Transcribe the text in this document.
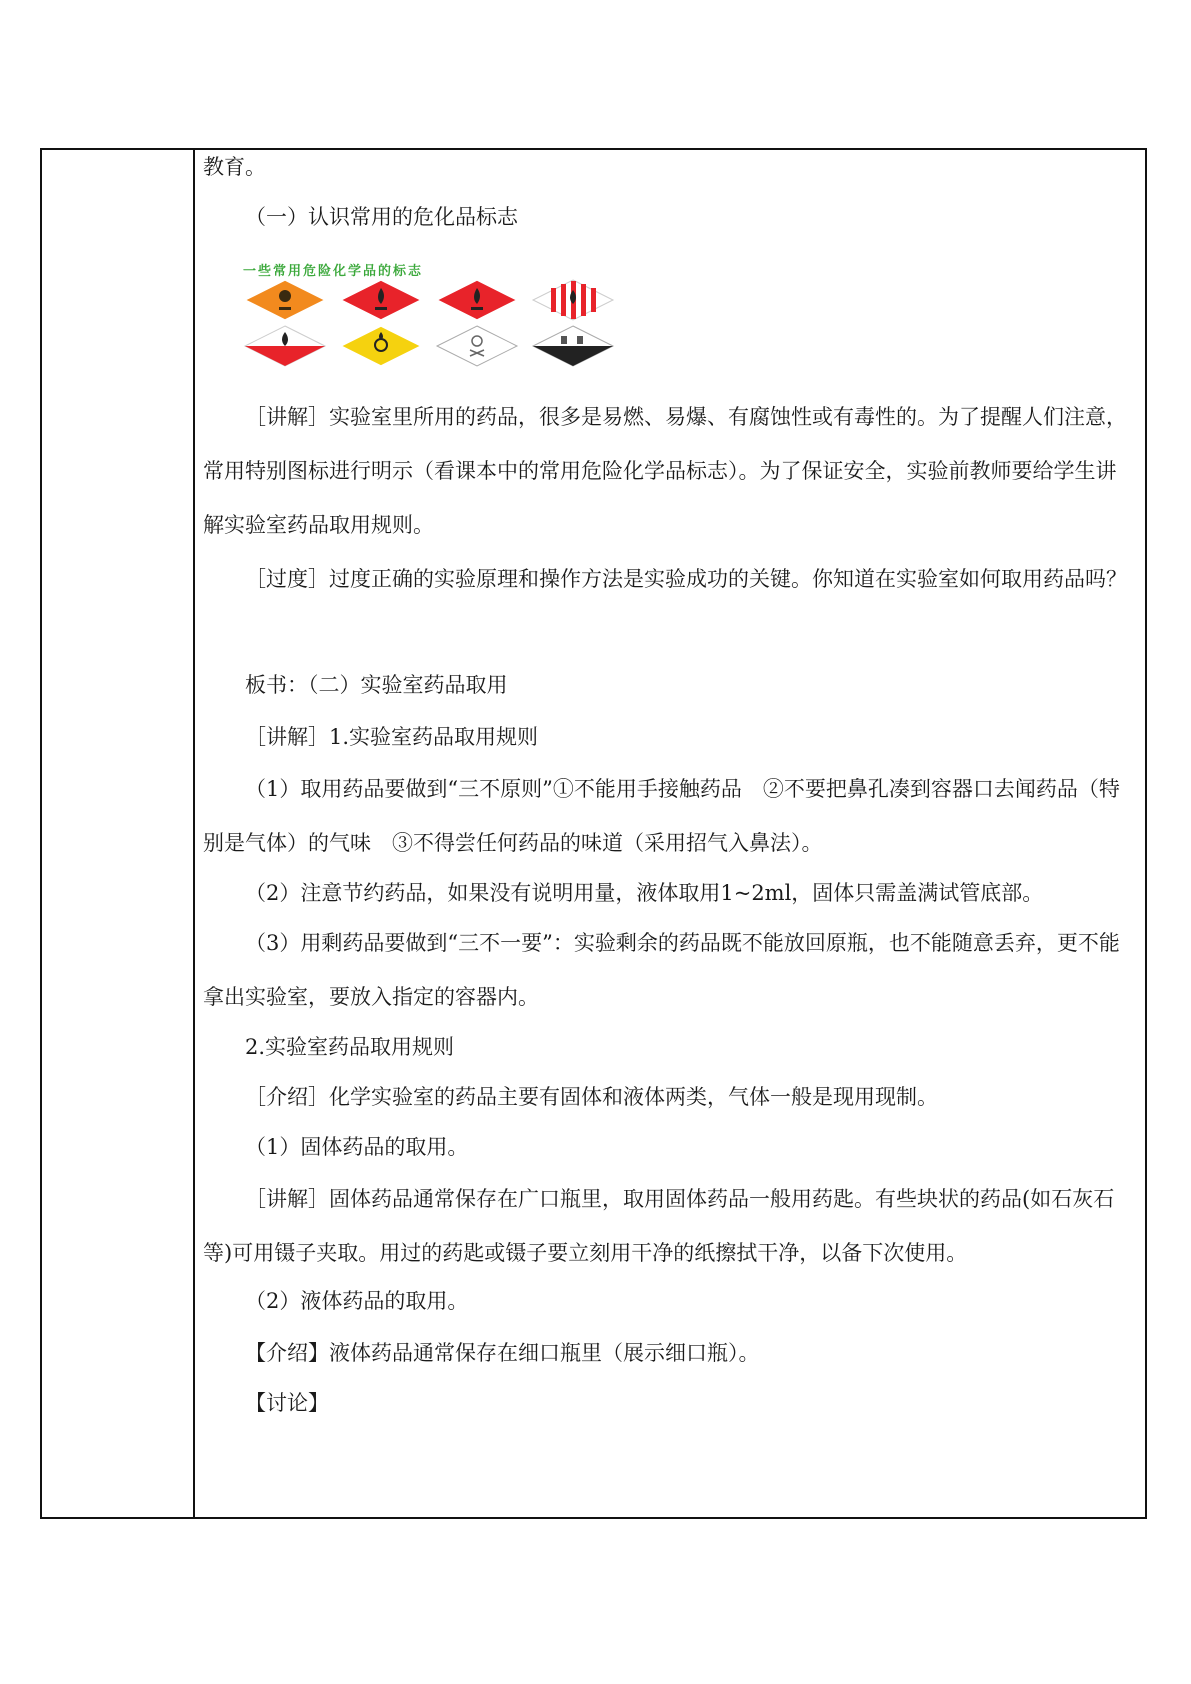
教育。
（一）认识常用的危化品标志
一些常用危险化学品的标志
［讲解］实验室里所用的药品，很多是易燃、易爆、有腐蚀性或有毒性的。为了提醒人们注意，常用特别图标进行明示（看课本中的常用危险化学品标志）。为了保证安全，实验前教师要给学生讲解实验室药品取用规则。
［过度］过度正确的实验原理和操作方法是实验成功的关键。你知道在实验室如何取用药品吗？
板书：（二）实验室药品取用
［讲解］1.实验室药品取用规则
（1）取用药品要做到“三不原则”①不能用手接触药品　②不要把鼻孔凑到容器口去闻药品（特别是气体）的气味　③不得尝任何药品的味道（采用招气入鼻法）。
（2）注意节约药品，如果没有说明用量，液体取用1~2ml，固体只需盖满试管底部。
（3）用剩药品要做到“三不一要”：实验剩余的药品既不能放回原瓶，也不能随意丢弃，更不能拿出实验室，要放入指定的容器内。
2.实验室药品取用规则
［介绍］化学实验室的药品主要有固体和液体两类，气体一般是现用现制。
（1）固体药品的取用。
［讲解］固体药品通常保存在广口瓶里，取用固体药品一般用药匙。有些块状的药品(如石灰石等)可用镊子夹取。用过的药匙或镊子要立刻用干净的纸擦拭干净，以备下次使用。
（2）液体药品的取用。
【介绍】液体药品通常保存在细口瓶里（展示细口瓶）。
【讨论】
